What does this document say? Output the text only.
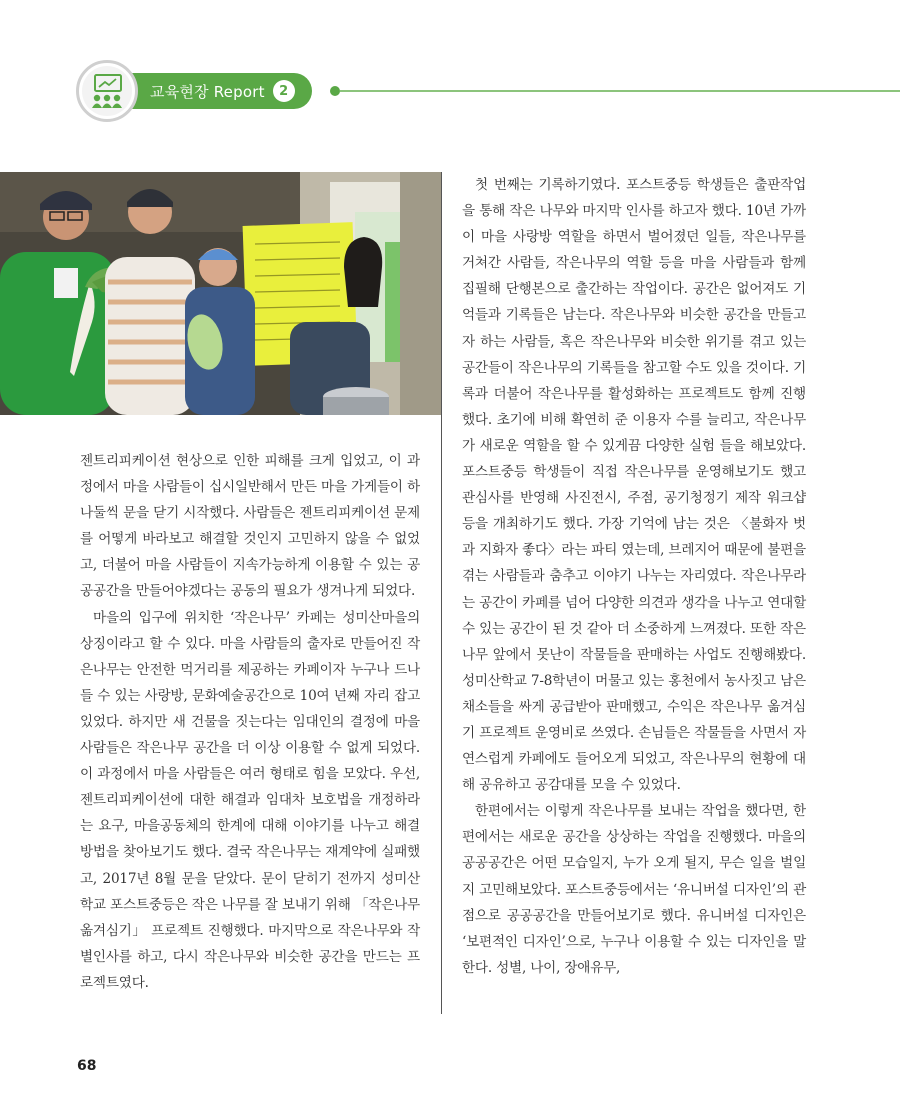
교육현장 Report	2

젠트리피케이션 현상으로 인한 피해를 크게 입었고, 이 과정에서 마을 사람들이 십시일반해서 만든 마을 가게들이 하나둘씩 문을 닫기 시작했다. 사람들은 젠트리피케이션 문제를 어떻게 바라보고 해결할 것인지 고민하지 않을 수 없었고, 더불어 마을 사람들이 지속가능하게 이용할 수 있는 공공공간을 만들어야겠다는 공동의 필요가 생겨나게 되었다.

마을의 입구에 위치한 ‘작은나무’ 카페는 성미산마을의 상징이라고 할 수 있다. 마을 사람들의 출자로 만들어진 작은나무는 안전한 먹거리를 제공하는 카페이자 누구나 드나들 수 있는 사랑방, 문화예술공간으로 10여 년째 자리 잡고 있었다. 하지만 새 건물을 짓는다는 임대인의 결정에 마을 사람들은 작은나무 공간을 더 이상 이용할 수 없게 되었다. 이 과정에서 마을 사람들은 여러 형태로 힘을 모았다. 우선, 젠트리피케이션에 대한 해결과 임대차 보호법을 개정하라는 요구, 마을공동체의 한계에 대해 이야기를 나누고 해결 방법을 찾아보기도 했다. 결국 작은나무는 재계약에 실패했고, 2017년 8월 문을 닫았다. 문이 닫히기 전까지 성미산학교 포스트중등은 작은 나무를 잘 보내기 위해 「작은나무 옮겨심기」 프로젝트 진행했다. 마지막으로 작은나무와 작별인사를 하고, 다시 작은나무와 비슷한 공간을 만드는 프로젝트였다.

첫 번째는 기록하기였다. 포스트중등 학생들은 출판작업을 통해 작은 나무와 마지막 인사를 하고자 했다. 10년 가까이 마을 사랑방 역할을 하면서 벌어졌던 일들, 작은나무를 거쳐간 사람들, 작은나무의 역할 등을 마을 사람들과 함께 집필해 단행본으로 출간하는 작업이다. 공간은 없어져도 기억들과 기록들은 남는다. 작은나무와 비슷한 공간을 만들고자 하는 사람들, 혹은 작은나무와 비슷한 위기를 겪고 있는 공간들이 작은나무의 기록들을 참고할 수도 있을 것이다. 기록과 더불어 작은나무를 활성화하는 프로젝트도 함께 진행했다. 초기에 비해 확연히 준 이용자 수를 늘리고, 작은나무가 새로운 역할을 할 수 있게끔 다양한 실험 들을 해보았다. 포스트중등 학생들이 직접 작은나무를 운영해보기도 했고 관심사를 반영해 사진전시, 주점, 공기청정기 제작 워크샵 등을 개최하기도 했다. 가장 기억에 남는 것은 〈불화자 벗과 지화자 좋다〉라는 파티 였는데, 브레지어 때문에 불편을 겪는 사람들과 춤추고 이야기 나누는 자리였다. 작은나무라는 공간이 카페를 넘어 다양한 의견과 생각을 나누고 연대할 수 있는 공간이 된 것 같아 더 소중하게 느껴졌다. 또한 작은나무 앞에서 못난이 작물들을 판매하는 사업도 진행해봤다. 성미산학교 7-8학년이 머물고 있는 홍천에서 농사짓고 남은 채소들을 싸게 공급받아 판매했고, 수익은 작은나무 옮겨심기 프로젝트 운영비로 쓰였다. 손님들은 작물들을 사면서 자연스럽게 카페에도 들어오게 되었고, 작은나무의 현황에 대해 공유하고 공감대를 모을 수 있었다.

한편에서는 이렇게 작은나무를 보내는 작업을 했다면, 한편에서는 새로운 공간을 상상하는 작업을 진행했다. 마을의 공공공간은 어떤 모습일지, 누가 오게 될지, 무슨 일을 벌일지 고민해보았다. 포스트중등에서는 ‘유니버설 디자인’의 관점으로 공공공간을 만들어보기로 했다. 유니버설 디자인은 ‘보편적인 디자인’으로, 누구나 이용할 수 있는 디자인을 말한다. 성별, 나이, 장애유무,

68
